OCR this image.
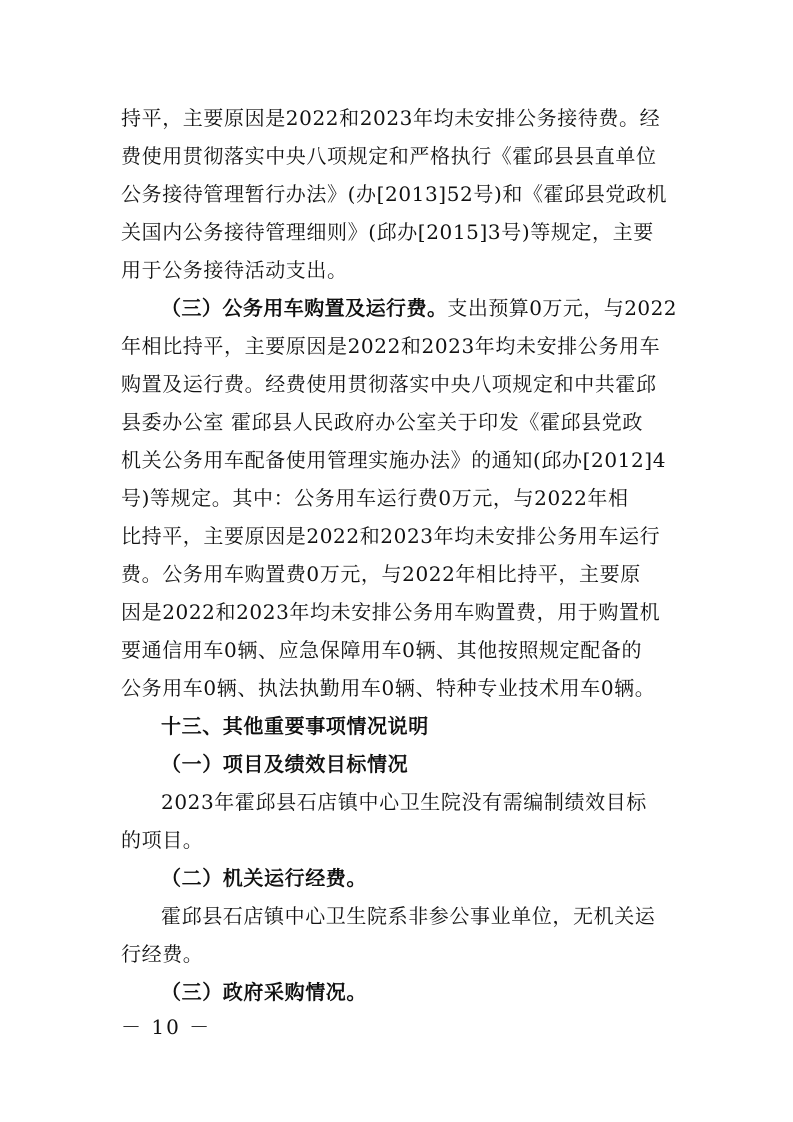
持平，主要原因是2022和2023年均未安排公务接待费。经
费使用贯彻落实中央八项规定和严格执行《霍邱县县直单位
公务接待管理暂行办法》(办[2013]52号)和《霍邱县党政机
关国内公务接待管理细则》(邱办[2015]3号)等规定，主要
用于公务接待活动支出。
（三）公务用车购置及运行费。支出预算0万元，与2022
年相比持平，主要原因是2022和2023年均未安排公务用车
购置及运行费。经费使用贯彻落实中央八项规定和中共霍邱
县委办公室 霍邱县人民政府办公室关于印发《霍邱县党政
机关公务用车配备使用管理实施办法》的通知(邱办[2012]4
号)等规定。其中：公务用车运行费0万元，与2022年相
比持平，主要原因是2022和2023年均未安排公务用车运行
费。公务用车购置费0万元，与2022年相比持平，主要原
因是2022和2023年均未安排公务用车购置费，用于购置机
要通信用车0辆、应急保障用车0辆、其他按照规定配备的
公务用车0辆、执法执勤用车0辆、特种专业技术用车0辆。
十三、其他重要事项情况说明
（一）项目及绩效目标情况
2023年霍邱县石店镇中心卫生院没有需编制绩效目标
的项目。
（二）机关运行经费。
霍邱县石店镇中心卫生院系非参公事业单位，无机关运
行经费。
（三）政府采购情况。
－ 10 －
